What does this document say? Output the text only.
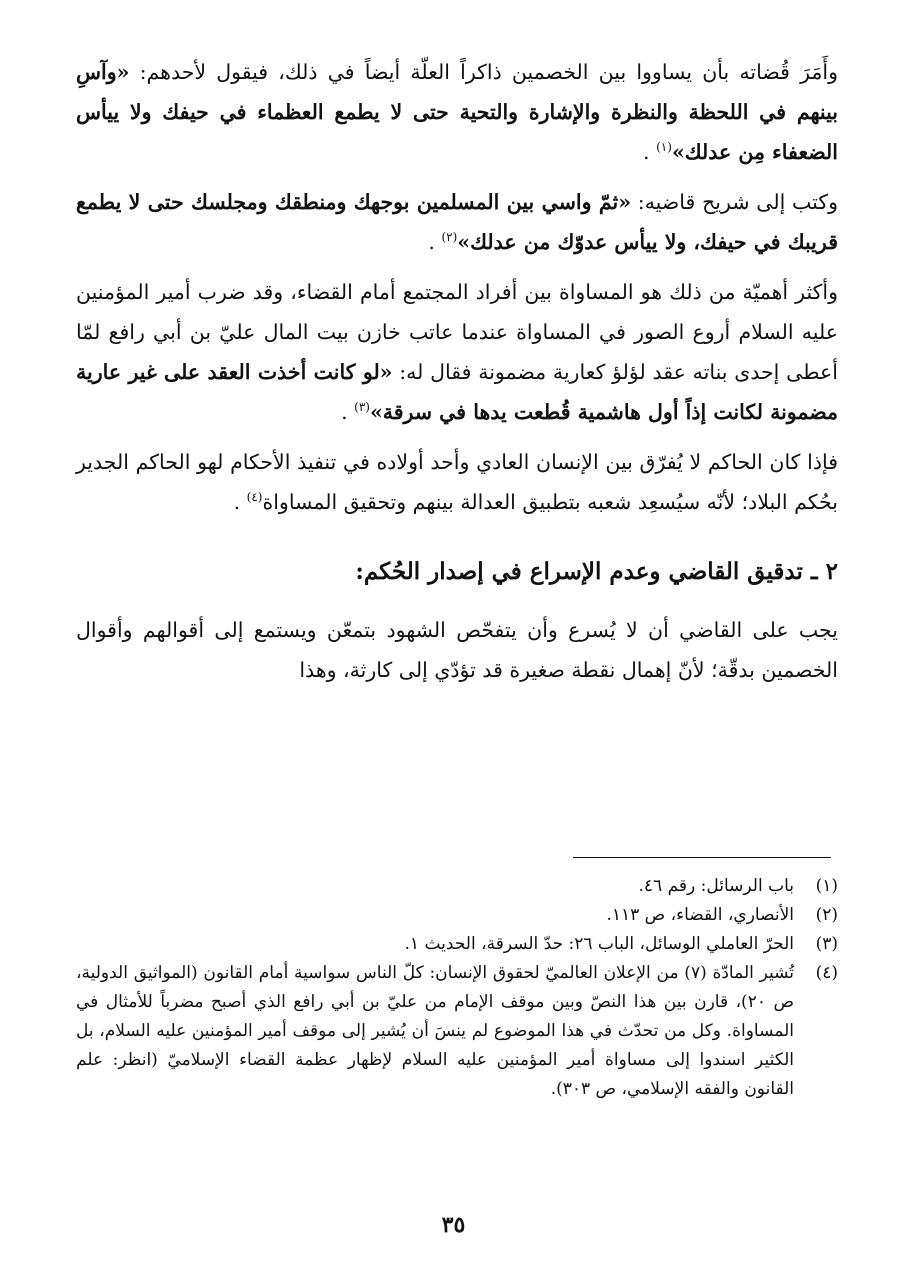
وأَمَرَ قُضاته بأن يساووا بين الخصمين ذاكراً العلّة أيضاً في ذلك، فيقول لأحدهم: «وآسِ بينهم في اللحظة والنظرة والإشارة والتحية حتى لا يطمع العظماء في حيفك ولا ييأس الضعفاء مِن عدلك»$^{(١)}$ .

وكتب إلى شريح قاضيه: «ثمّ واسي بين المسلمين بوجهك ومنطقك ومجلسك حتى لا يطمع قريبك في حيفك، ولا ييأس عدوّك من عدلك»$^{(٢)}$ .

وأكثر أهميّة من ذلك هو المساواة بين أفراد المجتمع أمام القضاء، وقد ضرب أمير المؤمنين عليه السلام أروع الصور في المساواة عندما عاتب خازن بيت المال عليّ بن أبي رافع لمّا أعطى إحدى بناته عقد لؤلؤ كعارية مضمونة فقال له: «لو كانت أخذت العقد على غير عارية مضمونة لكانت إذاً أول هاشمية قُطعت يدها في سرقة»$^{(٣)}$ .

فإذا كان الحاكم لا يُفرّق بين الإنسان العادي وأحد أولاده في تنفيذ الأحكام لهو الحاكم الجدير بحُكم البلاد؛ لأنّه سيُسعِد شعبه بتطبيق العدالة بينهم وتحقيق المساواة$^{(٤)}$ .

٢ ـ تدقيق القاضي وعدم الإسراع في إصدار الحُكم:

يجب على القاضي أن لا يُسرع وأن يتفحّص الشهود بتمعّن ويستمع إلى أقوالهم وأقوال الخصمين بدقّة؛ لأنّ إهمال نقطة صغيرة قد تؤدّي إلى كارثة، وهذا

(١)
باب الرسائل: رقم ٤٦.
(٢)
الأنصاري، القضاء، ص ١١٣.
(٣)
الحرّ العاملي الوسائل، الباب ٢٦: حدّ السرقة، الحديث ١.
(٤)
تُشير المادّة (٧) من الإعلان العالميّ لحقوق الإنسان: كلّ الناس سواسية أمام القانون (المواثيق الدولية، ص ٢٠)، قارن بين هذا النصّ وبين موقف الإمام من عليّ بن أبي رافع الذي أصبح مضرباً للأمثال في المساواة. وكل من تحدّث في هذا الموضوع لم ينسَ أن يُشير إلى موقف أمير المؤمنين عليه السلام، بل الكثير اسندوا إلى مساواة أمير المؤمنين عليه السلام لإظهار عظمة القضاء الإسلاميّ (انظر: علم القانون والفقه الإسلامي، ص ٣٠٣).
٣٥
